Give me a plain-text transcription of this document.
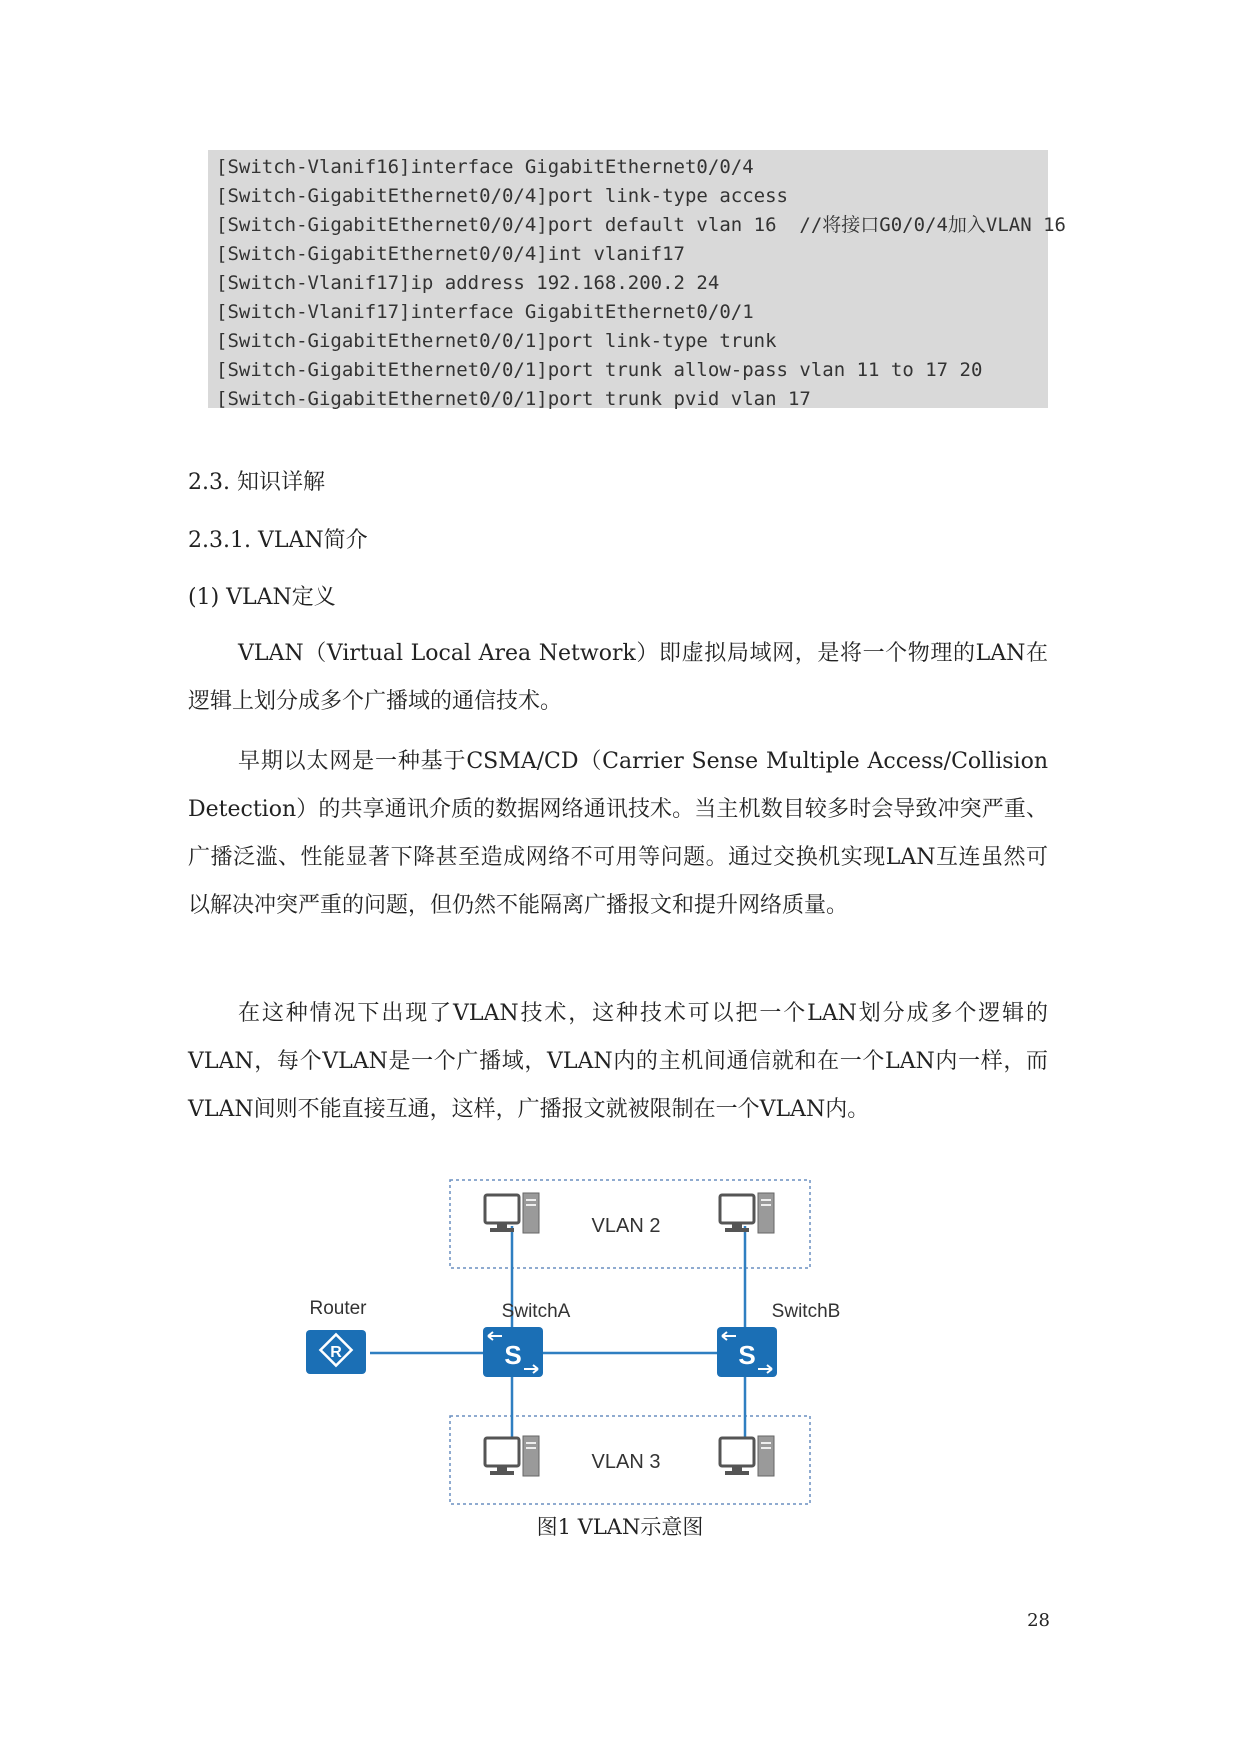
[Switch-Vlanif16]interface GigabitEthernet0/0/4
[Switch-GigabitEthernet0/0/4]port link-type access
[Switch-GigabitEthernet0/0/4]port default vlan 16  //将接口G0/0/4加入VLAN 16
[Switch-GigabitEthernet0/0/4]int vlanif17
[Switch-Vlanif17]ip address 192.168.200.2 24
[Switch-Vlanif17]interface GigabitEthernet0/0/1
[Switch-GigabitEthernet0/0/1]port link-type trunk
[Switch-GigabitEthernet0/0/1]port trunk allow-pass vlan 11 to 17 20
[Switch-GigabitEthernet0/0/1]port trunk pvid vlan 17
2.3. 知识详解
2.3.1. VLAN简介
(1) VLAN定义

VLAN（Virtual Local Area Network）即虚拟局域网，是将一个物理的LAN在逻辑上划分成多个广播域的通信技术。

早期以太网是一种基于CSMA/CD（Carrier Sense Multiple Access/Collision Detection）的共享通讯介质的数据网络通讯技术。当主机数目较多时会导致冲突严重、广播泛滥、性能显著下降甚至造成网络不可用等问题。通过交换机实现LAN互连虽然可以解决冲突严重的问题，但仍然不能隔离广播报文和提升网络质量。

在这种情况下出现了VLAN技术，这种技术可以把一个LAN划分成多个逻辑的VLAN，每个VLAN是一个广播域，VLAN内的主机间通信就和在一个LAN内一样，而VLAN间则不能直接互通，这样，广播报文就被限制在一个VLAN内。

VLAN 2
VLAN 3
R
Router
S
SwitchA
S
SwitchB
图1 VLAN示意图
28
